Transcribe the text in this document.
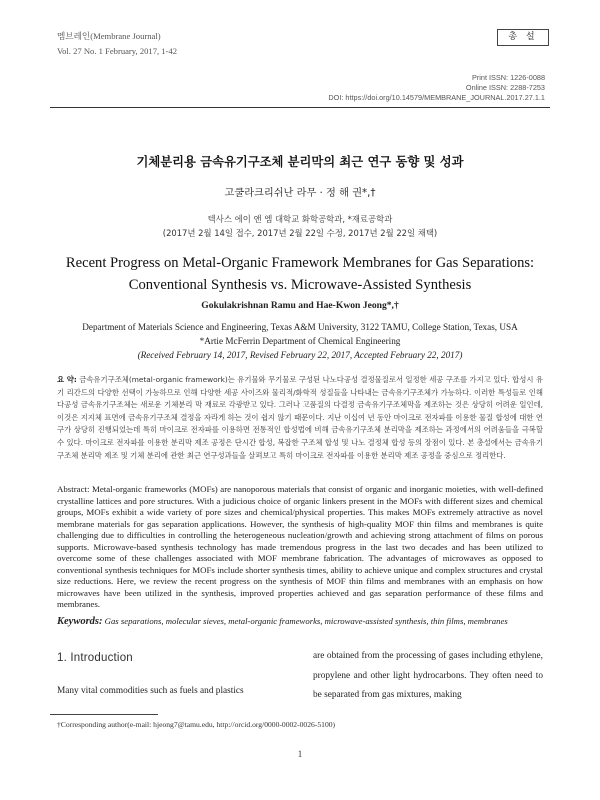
멤브레인(Membrane Journal)
Vol. 27 No. 1 February, 2017, 1-42
총 설
Print ISSN: 1226-0088
Online ISSN: 2288-7253
DOI: https://doi.org/10.14579/MEMBRANE_JOURNAL.2017.27.1.1
기체분리용 금속유기구조체 분리막의 최근 연구 동향 및 성과
고쿨라크리쉬난 라무 · 정 해 권*,†
텍사스 에이 앤 엠 대학교 화학공학과, *재료공학과
(2017년 2월 14일 접수, 2017년 2월 22일 수정, 2017년 2월 22일 채택)
Recent Progress on Metal-Organic Framework Membranes for Gas Separations:
Conventional Synthesis vs. Microwave-Assisted Synthesis
Gokulakrishnan Ramu and Hae-Kwon Jeong*,†
Department of Materials Science and Engineering, Texas A&M University, 3122 TAMU, College Station, Texas, USA
*Artie McFerrin Department of Chemical Engineering
(Received February 14, 2017, Revised February 22, 2017, Accepted February 22, 2017)
요 약: 금속유기구조체(metal-organic framework)는 유기물와 무기물로 구성된 나노다공성 결정물질로서 일정한 세공 구조를 가지고 있다. 합성시 유기 리간드의 다양한 선택이 가능하므로 인해 다양한 세공 사이즈와 물리적/화학적 성질들을 나타내는 금속유기구조체가 가능하다. 이러한 특성들로 인해 다공성 금속유기구조체는 새로운 기체분리 막 재료로 각광받고 있다. 그러나 고품질의 다결정 금속유기구조체막을 제조하는 것은 상당히 어려운 일인데, 이것은 지지체 표면에 금속유기구조체 결정을 자라게 하는 것이 쉽지 않기 때문이다. 지난 이십여 년 동안 마이크로 전자파를 이용한 물질 합성에 대한 연구가 상당히 진행되었는데 특히 마이크로 전자파를 이용하면 전통적인 합성법에 비해 금속유기구조체 분리막을 제조하는 과정에서의 어려움들을 극복할 수 있다. 마이크로 전자파를 이용한 분리막 제조 공정은 단시간 합성, 복잡한 구조체 합성 및 나노 결정체 합성 등의 장점이 있다. 본 총설에서는 금속유기구조체 분리막 제조 및 기체 분리에 관한 최근 연구성과들을 살펴보고 특히 마이크로 전자파를 이용한 분리막 제조 공정을 중심으로 정리한다.
Abstract: Metal-organic frameworks (MOFs) are nanoporous materials that consist of organic and inorganic moieties, with well-defined crystalline lattices and pore structures. With a judicious choice of organic linkers present in the MOFs with different sizes and chemical groups, MOFs exhibit a wide variety of pore sizes and chemical/physical properties. This makes MOFs extremely attractive as novel membrane materials for gas separation applications. However, the synthesis of high-quality MOF thin films and membranes is quite challenging due to difficulties in controlling the heterogeneous nucleation/growth and achieving strong attachment of films on porous supports. Microwave-based synthesis technology has made tremendous progress in the last two decades and has been utilized to overcome some of these challenges associated with MOF membrane fabrication. The advantages of microwaves as opposed to conventional synthesis techniques for MOFs include shorter synthesis times, ability to achieve unique and complex structures and crystal size reductions. Here, we review the recent progress on the synthesis of MOF thin films and membranes with an emphasis on how microwaves have been utilized in the synthesis, improved properties achieved and gas separation performance of these films and membranes.
Keywords: Gas separations, molecular sieves, metal-organic frameworks, microwave-assisted synthesis, thin films, membranes
1. Introduction
Many vital commodities such as fuels and plastics
are obtained from the processing of gases including ethylene, propylene and other light hydrocarbons. They often need to be separated from gas mixtures, making
†Corresponding author(e-mail: hjeong7@tamu.edu, http://orcid.org/0000-0002-0026-5100)
1
